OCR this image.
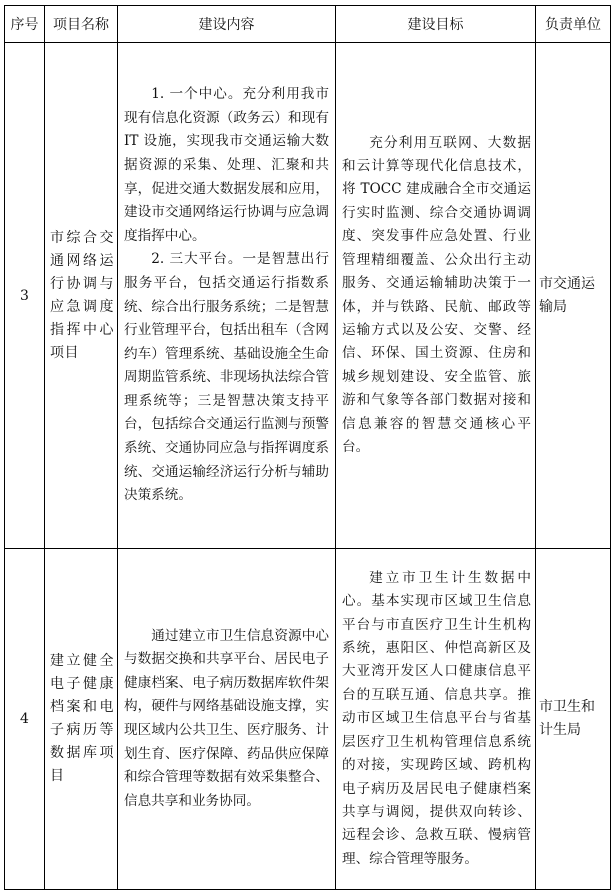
序号	项目名称	建设内容	建设目标	负责单位
3	市综合交通网络运行协调与应急调度指挥中心项目	1. 一个中心。充分利用我市现有信息化资源（政务云）和现有 IT 设施，实现我市交通运输大数据资源的采集、处理、汇聚和共享，促进交通大数据发展和应用，建设市交通网络运行协调与应急调度指挥中心。

2. 三大平台。一是智慧出行服务平台，包括交通运行指数系统、综合出行服务系统；二是智慧行业管理平台，包括出租车（含网约车）管理系统、基础设施全生命周期监管系统、非现场执法综合管理系统等；三是智慧决策支持平台，包括综合交通运行监测与预警系统、交通协同应急与指挥调度系统、交通运输经济运行分析与辅助决策系统。	充分利用互联网、大数据和云计算等现代化信息技术，将 TOCC 建成融合全市交通运行实时监测、综合交通协调调度、突发事件应急处置、行业管理精细覆盖、公众出行主动服务、交通运输辅助决策于一体，并与铁路、民航、邮政等运输方式以及公安、交警、经信、环保、国土资源、住房和城乡规划建设、安全监管、旅游和气象等各部门数据对接和信息兼容的智慧交通核心平台。	市交通运输局
4	建立健全电子健康档案和电子病历等数据库项目	通过建立市卫生信息资源中心与数据交换和共享平台、居民电子健康档案、电子病历数据库软件架构，硬件与网络基础设施支撑，实现区域内公共卫生、医疗服务、计划生育、医疗保障、药品供应保障和综合管理等数据有效采集整合、信息共享和业务协同。	建立市卫生计生数据中心。基本实现市区域卫生信息平台与市直医疗卫生计生机构系统，惠阳区、仲恺高新区及大亚湾开发区人口健康信息平台的互联互通、信息共享。推动市区域卫生信息平台与省基层医疗卫生机构管理信息系统的对接，实现跨区域、跨机构电子病历及居民电子健康档案共享与调阅，提供双向转诊、远程会诊、急救互联、慢病管理、综合管理等服务。	市卫生和计生局
